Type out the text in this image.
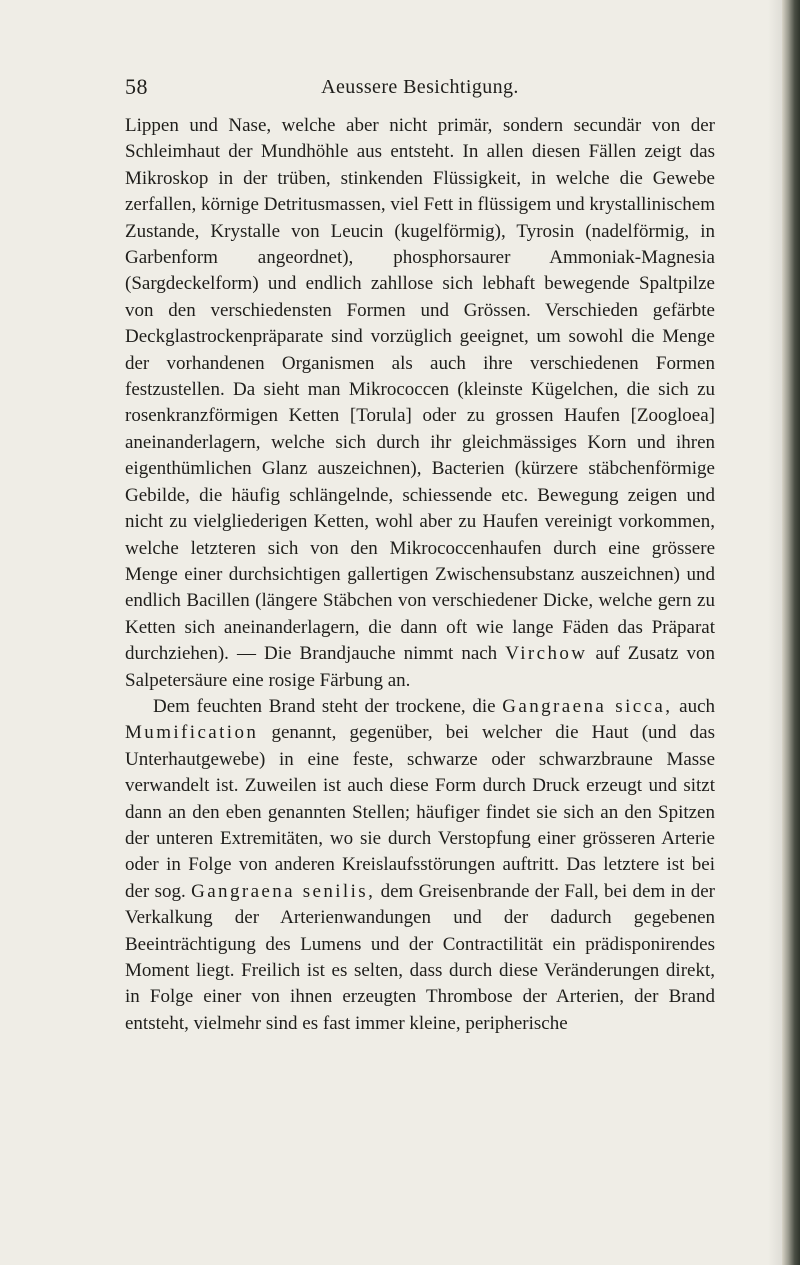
58	Aeussere Besichtigung.

Lippen und Nase, welche aber nicht primär, sondern secundär von der Schleimhaut der Mundhöhle aus entsteht. In allen diesen Fällen zeigt das Mikroskop in der trüben, stinkenden Flüssigkeit, in welche die Gewebe zerfallen, körnige Detritusmassen, viel Fett in flüssigem und krystallinischem Zustande, Krystalle von Leucin (kugelförmig), Tyrosin (nadelförmig, in Garbenform angeordnet), phosphorsaurer Ammoniak-Magnesia (Sargdeckelform) und endlich zahllose sich lebhaft bewegende Spaltpilze von den verschiedensten Formen und Grössen. Verschieden gefärbte Deckglastrockenpräparate sind vorzüglich geeignet, um sowohl die Menge der vorhandenen Organismen als auch ihre verschiedenen Formen festzustellen. Da sieht man Mikrococcen (kleinste Kügelchen, die sich zu rosenkranzförmigen Ketten [Torula] oder zu grossen Haufen [Zoogloea] aneinanderlagern, welche sich durch ihr gleichmässiges Korn und ihren eigenthümlichen Glanz auszeichnen), Bacterien (kürzere stäbchenförmige Gebilde, die häufig schlängelnde, schiessende etc. Bewegung zeigen und nicht zu vielgliederigen Ketten, wohl aber zu Haufen vereinigt vorkommen, welche letzteren sich von den Mikrococcenhaufen durch eine grössere Menge einer durchsichtigen gallertigen Zwischensubstanz auszeichnen) und endlich Bacillen (längere Stäbchen von verschiedener Dicke, welche gern zu Ketten sich aneinanderlagern, die dann oft wie lange Fäden das Präparat durchziehen). — Die Brandjauche nimmt nach Virchow auf Zusatz von Salpetersäure eine rosige Färbung an.

Dem feuchten Brand steht der trockene, die Gangraena sicca, auch Mumification genannt, gegenüber, bei welcher die Haut (und das Unterhautgewebe) in eine feste, schwarze oder schwarzbraune Masse verwandelt ist. Zuweilen ist auch diese Form durch Druck erzeugt und sitzt dann an den eben genannten Stellen; häufiger findet sie sich an den Spitzen der unteren Extremitäten, wo sie durch Verstopfung einer grösseren Arterie oder in Folge von anderen Kreislaufsstörungen auftritt. Das letztere ist bei der sog. Gangraena senilis, dem Greisenbrande der Fall, bei dem in der Verkalkung der Arterienwandungen und der dadurch gegebenen Beeinträchtigung des Lumens und der Contractilität ein prädisponirendes Moment liegt. Freilich ist es selten, dass durch diese Veränderungen direkt, in Folge einer von ihnen erzeugten Thrombose der Arterien, der Brand entsteht, vielmehr sind es fast immer kleine, peripherische
